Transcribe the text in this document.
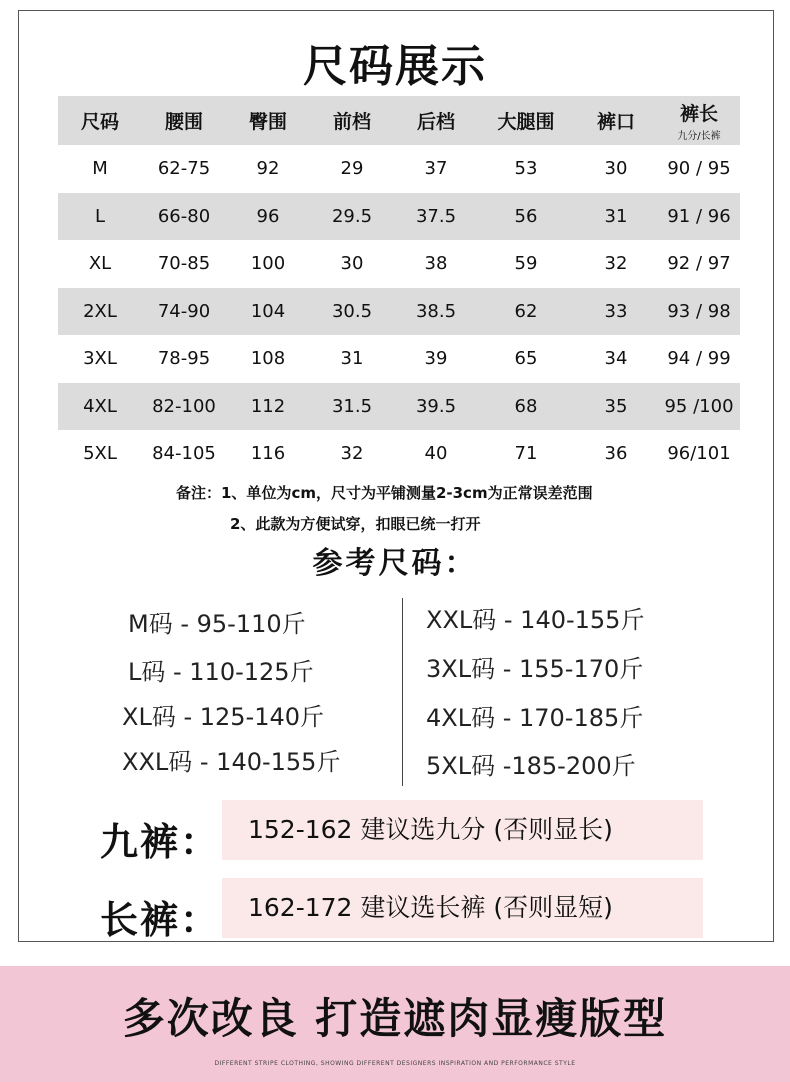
尺码展示
尺码	腰围	臀围	前档	后档	大腿围	裤口	裤长
九分/长裤

M	62-75	92	29	37	53	30	90 / 95
L	66-80	96	29.5	37.5	56	31	91 / 96
XL	70-85	100	30	38	59	32	92 / 97
2XL	74-90	104	30.5	38.5	62	33	93 / 98
3XL	78-95	108	31	39	65	34	94 / 99
4XL	82-100	112	31.5	39.5	68	35	95 /100
5XL	84-105	116	32	40	71	36	96/101
备注：1、单位为cm，尺寸为平铺测量2-3cm为正常误差范围
2、此款为方便试穿，扣眼已统一打开
参考尺码：
M码 - 95-110斤
L码 - 110-125斤
XL码 - 125-140斤
XXL码 - 140-155斤
XXL码 - 140-155斤
3XL码 - 155-170斤
4XL码 - 170-185斤
5XL码 -185-200斤
九裤：	152-162 建议选九分 (否则显长)
长裤：	162-172 建议选长裤 (否则显短)
多次改良 打造遮肉显瘦版型
DIFFERENT STRIPE CLOTHING, SHOWING DIFFERENT DESIGNERS INSPIRATION AND PERFORMANCE STYLE
